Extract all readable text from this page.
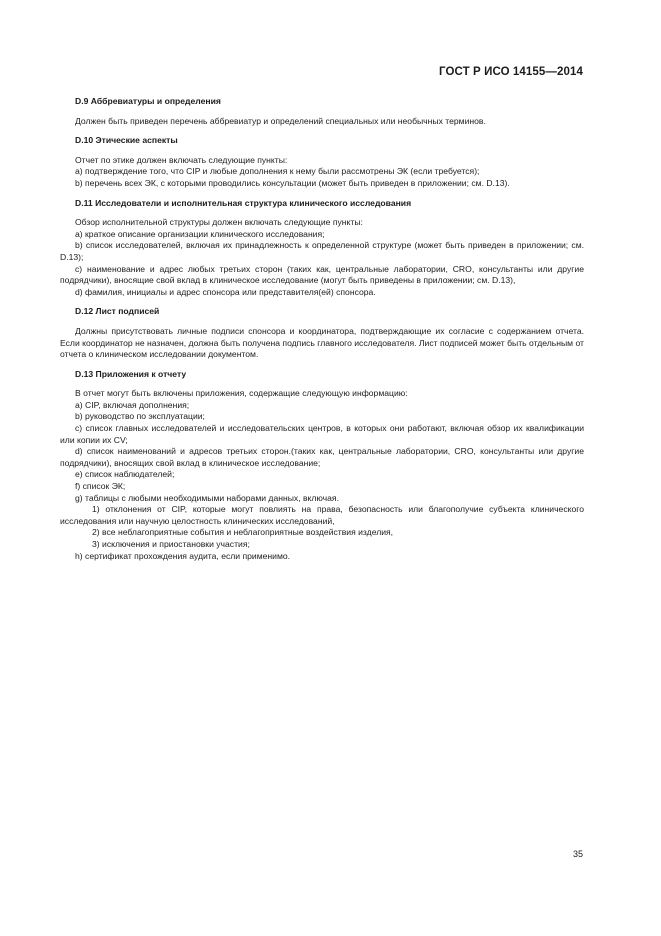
ГОСТ Р ИСО 14155—2014
D.9 Аббревиатуры и определения

Должен быть приведен перечень аббревиатур и определений специальных или необычных терминов.

D.10 Этические аспекты

Отчет по этике должен включать следующие пункты:

а) подтверждение того, что CIP и любые дополнения к нему были рассмотрены ЭК (если требуется);

b) перечень всех ЭК, с которыми проводились консультации (может быть приведен в приложении; см. D.13).

D.11 Исследователи и исполнительная структура клинического исследования

Обзор исполнительной структуры должен включать следующие пункты:

а) краткое описание организации клинического исследования;

b) список исследователей, включая их принадлежность к определенной структуре (может быть приведен в приложении; см. D.13);

c) наименование и адрес любых третьих сторон (таких как, центральные лаборатории, CRO, консультанты или другие подрядчики), вносящие свой вклад в клиническое исследование (могут быть приведены в приложении; см. D.13),

d) фамилия, инициалы и адрес спонсора или представителя(ей) спонсора.

D.12 Лист подписей

Должны присутствовать личные подписи спонсора и координатора, подтверждающие их согласие с содержанием отчета. Если координатор не назначен, должна быть получена подпись главного исследователя. Лист подписей может быть отдельным от отчета о клиническом исследовании документом.

D.13 Приложения к отчету

В отчет могут быть включены приложения, содержащие следующую информацию:

а) CIP, включая дополнения;

b) руководство по эксплуатации;

c) список главных исследователей и исследовательских центров, в которых они работают, включая обзор их квалификации или копии их CV;

d) список наименований и адресов третьих сторон.(таких как, центральные лаборатории, CRO, консультанты или другие подрядчики), вносящих свой вклад в клиническое исследование;

e) список наблюдателей;

f) список ЭК;

g) таблицы с любыми необходимыми наборами данных, включая.

1) отклонения от CIP, которые могут повлиять на права, безопасность или благополучие субъекта клинического исследования или научную целостность клинических исследований,

2) все неблагоприятные события и неблагоприятные воздействия изделия,

3) исключения и приостановки участия;

h) сертификат прохождения аудита, если применимо.

35
